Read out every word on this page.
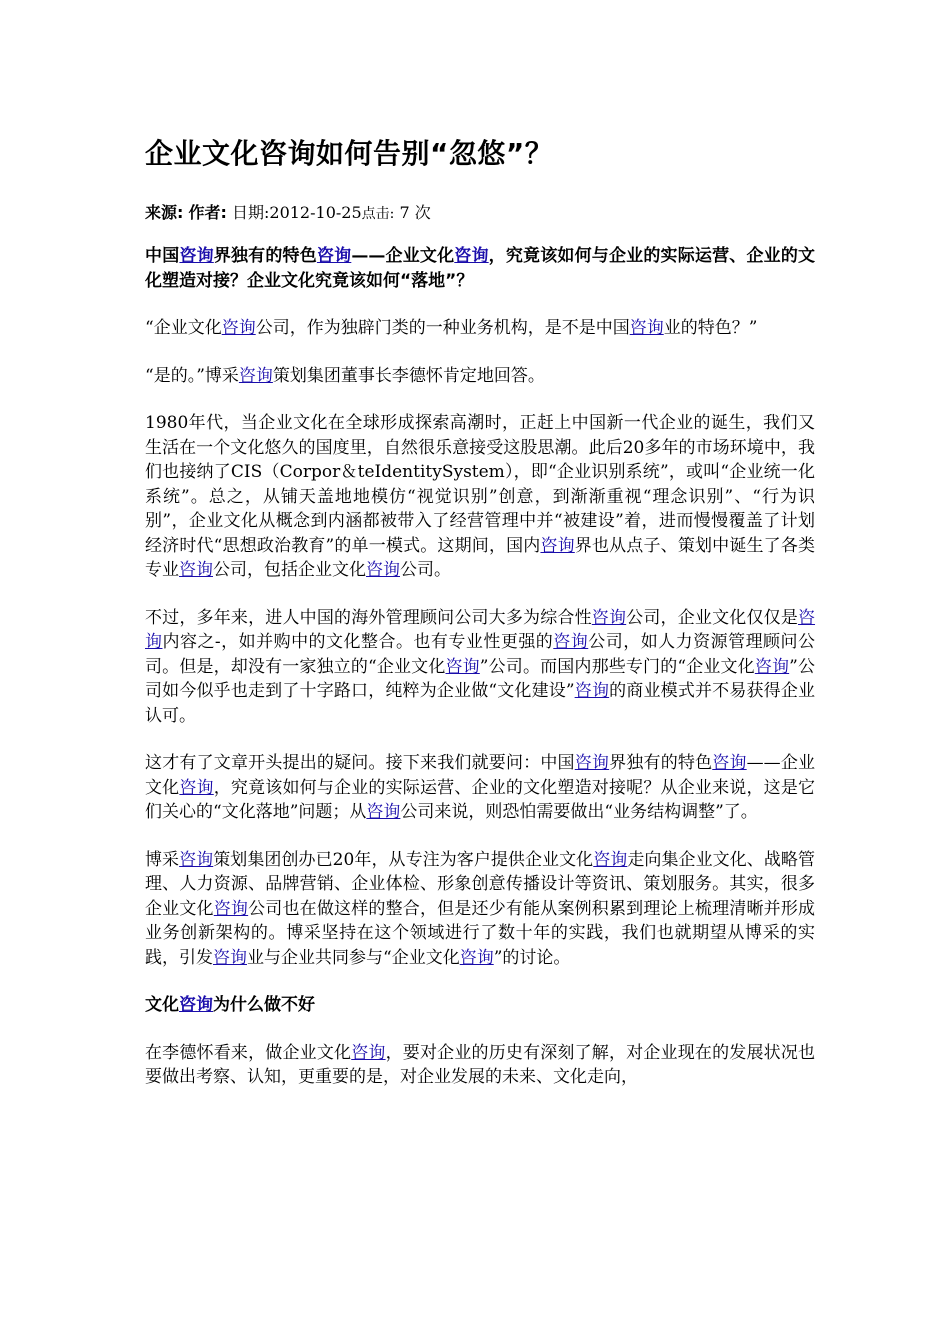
企业文化咨询如何告别“忽悠”？
来源: 作者: 日期:2012-10-25点击: 7 次

中国咨询界独有的特色咨询——企业文化咨询，究竟该如何与企业的实际运营、企业的文化塑造对接？企业文化究竟该如何“落地”？

“企业文化咨询公司，作为独辟门类的一种业务机构，是不是中国咨询业的特色？”

“是的。”博采咨询策划集团董事长李德怀肯定地回答。

1980年代，当企业文化在全球形成探索高潮时，正赶上中国新一代企业的诞生，我们又生活在一个文化悠久的国度里，自然很乐意接受这股思潮。此后20多年的市场环境中，我们也接纳了CIS（Corpor＆teIdentitySystem），即“企业识别系统”，或叫“企业统一化系统”。总之，从铺天盖地地模仿“视觉识别”创意，到渐渐重视“理念识别”、“行为识别”，企业文化从概念到内涵都被带入了经营管理中并“被建设”着，进而慢慢覆盖了计划经济时代“思想政治教育”的单一模式。这期间，国内咨询界也从点子、策划中诞生了各类专业咨询公司，包括企业文化咨询公司。

不过，多年来，进人中国的海外管理顾问公司大多为综合性咨询公司，企业文化仅仅是咨询内容之-，如并购中的文化整合。也有专业性更强的咨询公司，如人力资源管理顾问公司。但是，却没有一家独立的“企业文化咨询”公司。而国内那些专门的“企业文化咨询”公司如今似乎也走到了十字路口，纯粹为企业做“文化建设”咨询的商业模式并不易获得企业认可。

这才有了文章开头提出的疑问。接下来我们就要问：中国咨询界独有的特色咨询——企业文化咨询，究竟该如何与企业的实际运营、企业的文化塑造对接呢？从企业来说，这是它们关心的“文化落地”问题；从咨询公司来说，则恐怕需要做出“业务结构调整”了。

博采咨询策划集团创办已20年，从专注为客户提供企业文化咨询走向集企业文化、战略管理、人力资源、品牌营销、企业体检、形象创意传播设计等资讯、策划服务。其实，很多企业文化咨询公司也在做这样的整合，但是还少有能从案例积累到理论上梳理清晰并形成业务创新架构的。博采坚持在这个领域进行了数十年的实践，我们也就期望从博采的实践，引发咨询业与企业共同参与“企业文化咨询”的讨论。

文化咨询为什么做不好

在李德怀看来，做企业文化咨询，要对企业的历史有深刻了解，对企业现在的发展状况也要做出考察、认知，更重要的是，对企业发展的未来、文化走向，
